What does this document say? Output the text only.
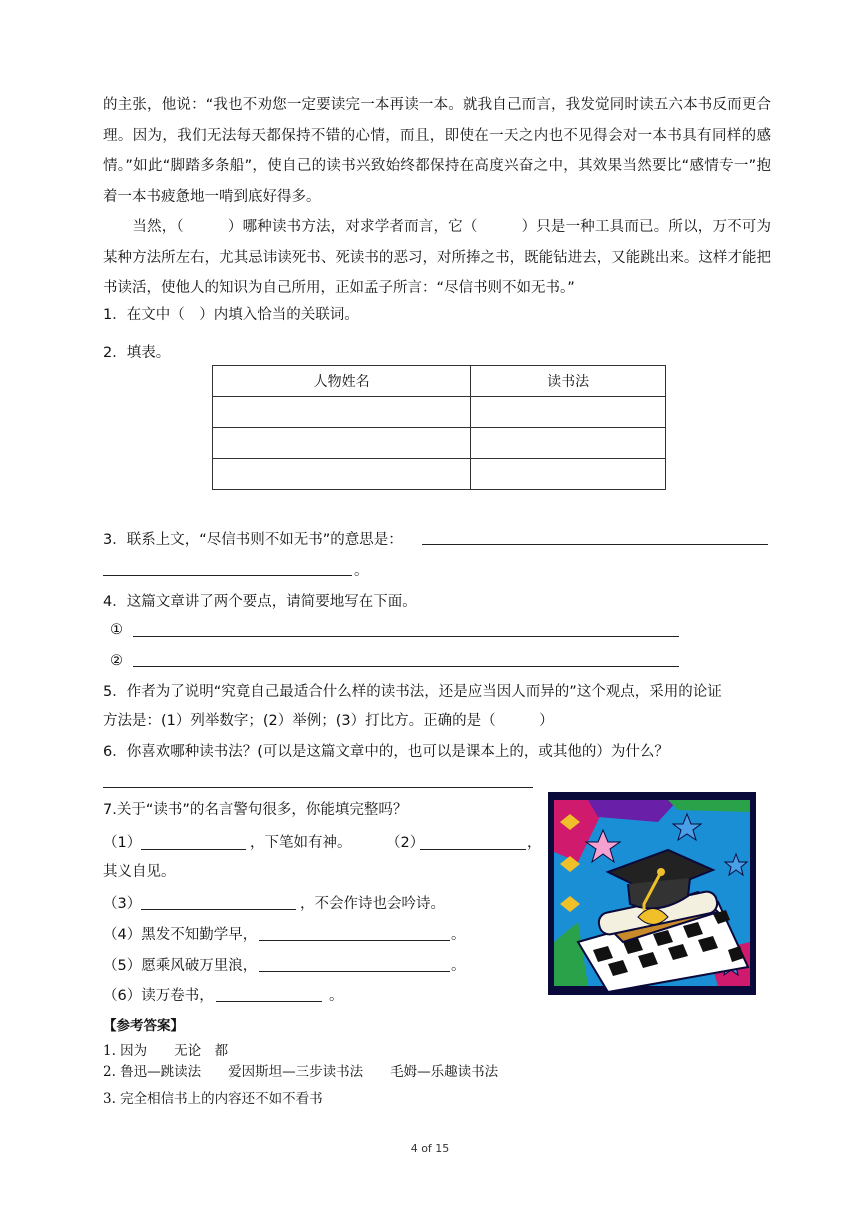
的主张，他说：“我也不劝您一定要读完一本再读一本。就我自己而言，我发觉同时读五六本书反而更合理。因为，我们无法每天都保持不错的心情，而且，即使在一天之内也不见得会对一本书具有同样的感情。”如此“脚踏多条船”，使自己的读书兴致始终都保持在高度兴奋之中，其效果当然要比“感情专一”抱着一本书疲惫地一啃到底好得多。

　　当然，（　　　）哪种读书方法，对求学者而言，它（　　　）只是一种工具而已。所以，万不可为某种方法所左右，尤其忌讳读死书、死读书的恶习，对所捧之书，既能钻进去，又能跳出来。这样才能把书读活，使他人的知识为自己所用，正如孟子所言：“尽信书则不如无书。”

1．在文中（　）内填入恰当的关联词。
2．填表。
人物姓名	读书法

3．联系上文，“尽信书则不如无书”的意思是：
。
4．这篇文章讲了两个要点，请简要地写在下面。
①
②
5．作者为了说明“究竟自己最适合什么样的读书法，还是应当因人而异的”这个观点，采用的论证
方法是：(1）列举数字；(2）举例；(3）打比方。正确的是（　　　）
6．你喜欢哪种读书法？(可以是这篇文章中的，也可以是课本上的，或其他的）为什么？
7.关于“读书”的名言警句很多，你能填完整吗？
（1）	，下笔如有神。 （2）	，
其义自见。
（3）	，不会作诗也会吟诗。
（4）黑发不知勤学早，	。
（5）愿乘风破万里浪，	。
（6）读万卷书，	。
【参考答案】
1. 因为　　无论　都
2. 鲁迅—跳读法　　爱因斯坦—三步读书法　　毛姆—乐趣读书法
3. 完全相信书上的内容还不如不看书
4 of 15
